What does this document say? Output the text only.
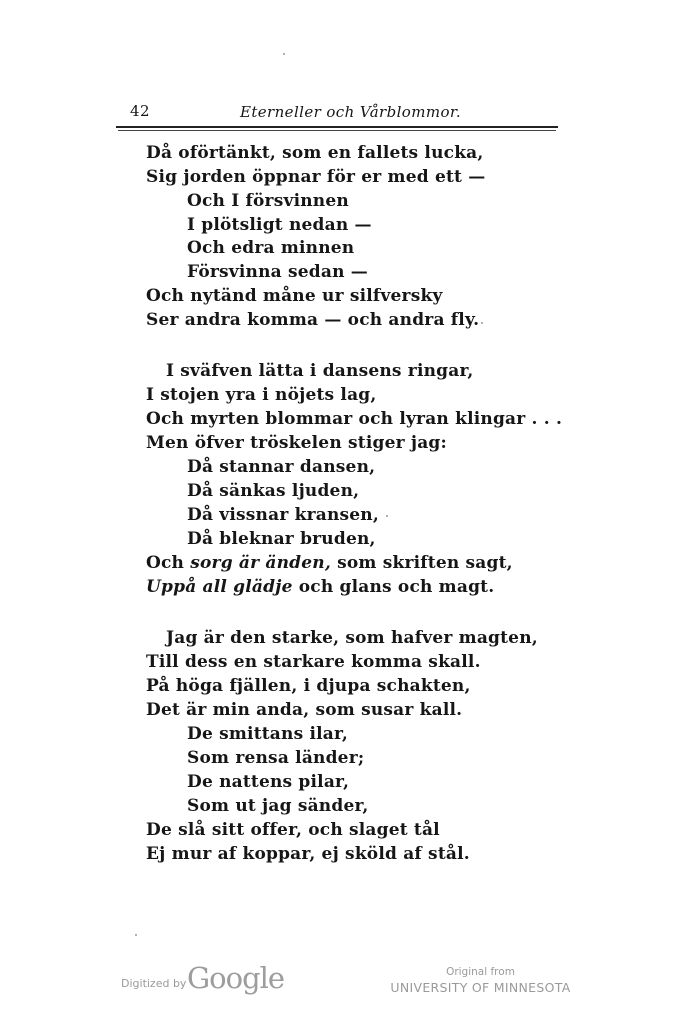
42	Eterneller och Vårblommor.
Då oförtänkt, som en fallets lucka,
Sig jorden öppnar för er med ett —
Och I försvinnen
I plötsligt nedan —
Och edra minnen
Försvinna sedan —
Och nytänd måne ur silfversky
Ser andra komma — och andra fly.
I sväfven lätta i dansens ringar,
I stojen yra i nöjets lag,
Och myrten blommar och lyran klingar . . .
Men öfver tröskelen stiger jag:
Då stannar dansen,
Då sänkas ljuden,
Då vissnar kransen,
Då bleknar bruden,
Och sorg är änden, som skriften sagt,
Uppå all glädje och glans och magt.
Jag är den starke, som hafver magten,
Till dess en starkare komma skall.
På höga fjällen, i djupa schakten,
Det är min anda, som susar kall.
De smittans ilar,
Som rensa länder;
De nattens pilar,
Som ut jag sänder,
De slå sitt offer, och slaget tål
Ej mur af koppar, ej sköld af stål.
Digitized by Google	Original from
UNIVERSITY OF MINNESOTA
